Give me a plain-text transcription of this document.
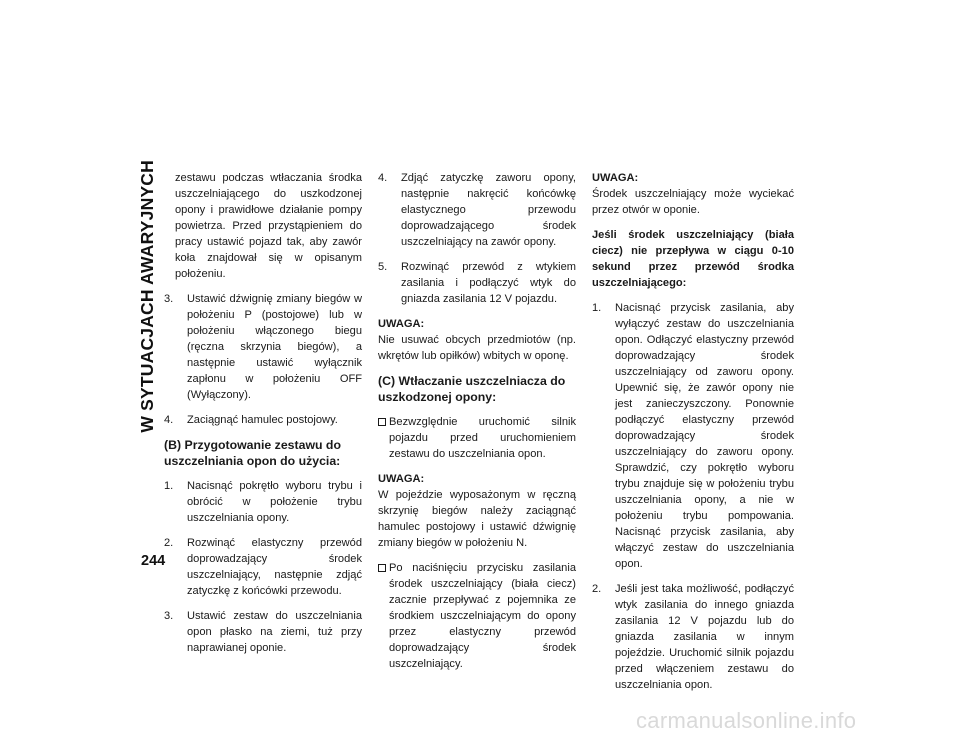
W SYTUACJACH AWARYJNYCH
244

zestawu podczas wtłaczania środka uszczelniającego do uszkodzonej opony i prawidłowe działanie pompy powietrza. Przed przystąpieniem do pracy ustawić pojazd tak, aby zawór koła znajdował się w opisanym położeniu.

3. Ustawić dźwignię zmiany biegów w położeniu P (postojowe) lub w położeniu włączonego biegu (ręczna skrzynia biegów), a następnie ustawić wyłącznik zapłonu w położeniu OFF (Wyłączony).
4. Zaciągnąć hamulec postojowy.
(B) Przygotowanie zestawu do uszczelniania opon do użycia:
1. Nacisnąć pokrętło wyboru trybu i obrócić w położenie trybu uszczelniania opony.
2. Rozwinąć elastyczny przewód doprowadzający środek uszczelniający, następnie zdjąć zatyczkę z końcówki przewodu.
3. Ustawić zestaw do uszczelniania opon płasko na ziemi, tuż przy naprawianej oponie.
4. Zdjąć zatyczkę zaworu opony, następnie nakręcić końcówkę elastycznego przewodu doprowadzającego środek uszczelniający na zawór opony.
5. Rozwinąć przewód z wtykiem zasilania i podłączyć wtyk do gniazda zasilania 12 V pojazdu.
UWAGA:

Nie usuwać obcych przedmiotów (np. wkrętów lub opiłków) wbitych w oponę.

(C) Wtłaczanie uszczelniacza do uszkodzonej opony:
Bezwzględnie uruchomić silnik pojazdu przed uruchomieniem zestawu do uszczelniania opon.
UWAGA:

W pojeździe wyposażonym w ręczną skrzynię biegów należy zaciągnąć hamulec postojowy i ustawić dźwignię zmiany biegów w położeniu N.

Po naciśnięciu przycisku zasilania środek uszczelniający (biała ciecz) zacznie przepływać z pojemnika ze środkiem uszczelniającym do opony przez elastyczny przewód doprowadzający środek uszczelniający.
UWAGA:

Środek uszczelniający może wyciekać przez otwór w oponie.

Jeśli środek uszczelniający (biała ciecz) nie przepływa w ciągu 0-10 sekund przez przewód środka uszczelniającego:

1. Nacisnąć przycisk zasilania, aby wyłączyć zestaw do uszczelniania opon. Odłączyć elastyczny przewód doprowadzający środek uszczelniający od zaworu opony. Upewnić się, że zawór opony nie jest zanieczyszczony. Ponownie podłączyć elastyczny przewód doprowadzający środek uszczelniający do zaworu opony. Sprawdzić, czy pokrętło wyboru trybu znajduje się w położeniu trybu uszczelniania opony, a nie w położeniu trybu pompowania. Nacisnąć przycisk zasilania, aby włączyć zestaw do uszczelniania opon.
2. Jeśli jest taka możliwość, podłączyć wtyk zasilania do innego gniazda zasilania 12 V pojazdu lub do gniazda zasilania w innym pojeździe. Uruchomić silnik pojazdu przed włączeniem zestawu do uszczelniania opon.
carmanualsonline.info
